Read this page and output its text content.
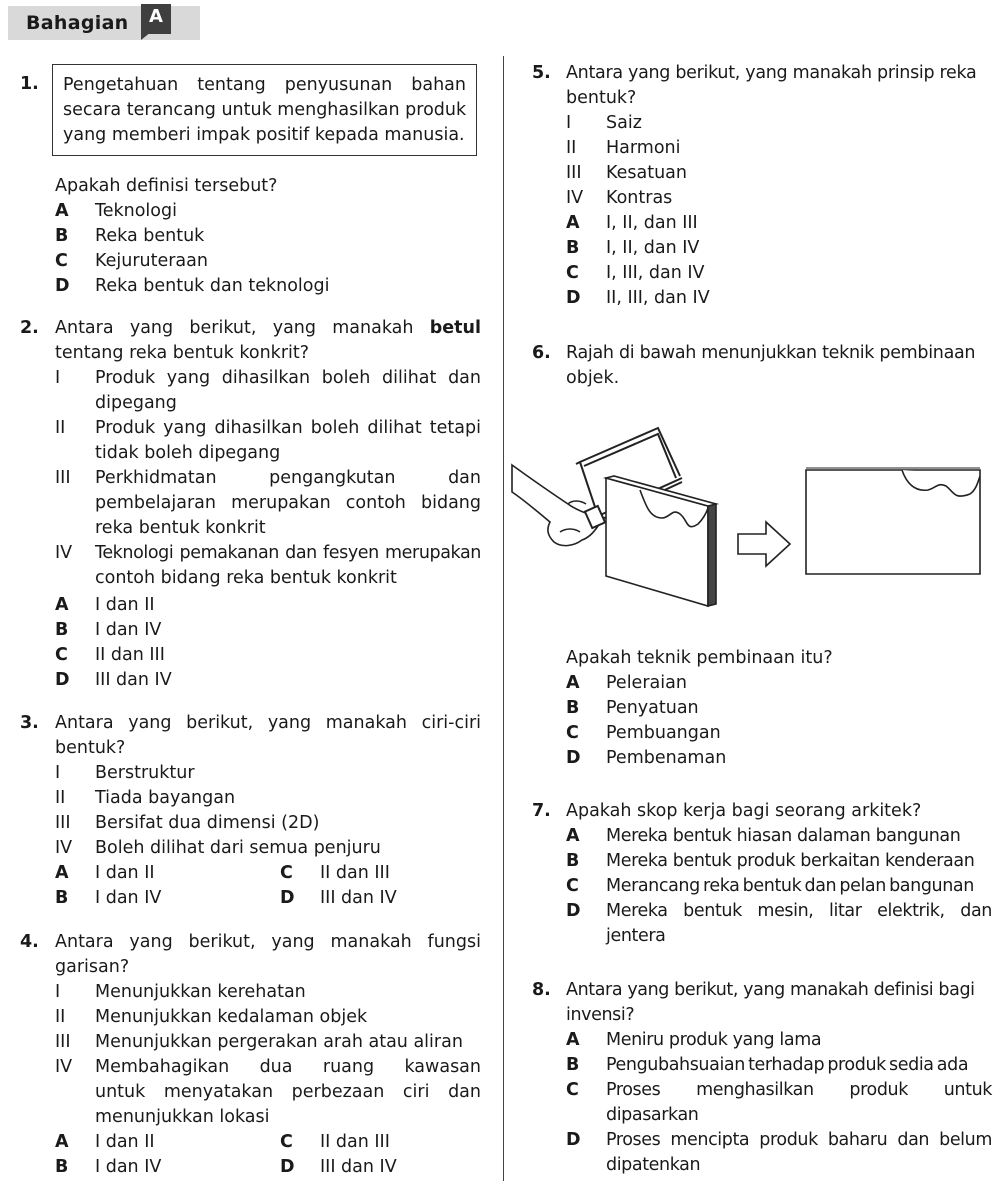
Bahagian	A
1. Pengetahuan tentang penyusunan bahan
secara terancang untuk menghasilkan produk
yang memberi impak positif kepada manusia.
Apakah definisi tersebut?
A Teknologi
B Reka bentuk
C Kejuruteraan
D Reka bentuk dan teknologi
2. Antara yang berikut, yang manakah betul
tentang reka bentuk konkrit?
I	Produk yang dihasilkan boleh dilihat dan
dipegang
II	Produk yang dihasilkan boleh dilihat tetapi
tidak boleh dipegang
III	Perkhidmatan pengangkutan dan
pembelajaran merupakan contoh bidang
reka bentuk konkrit
IV	Teknologi pemakanan dan fesyen merupakan
contoh bidang reka bentuk konkrit
A I dan II
B I dan IV
C II dan III
D III dan IV
3. Antara yang berikut, yang manakah ciri-ciri
bentuk?
I Berstruktur
II Tiada bayangan
III Bersifat dua dimensi (2D)
IV Boleh dilihat dari semua penjuru
A I dan II	C II dan III
B I dan IV	D III dan IV
4. Antara yang berikut, yang manakah fungsi
garisan?
I	Menunjukkan kerehatan
II	Menunjukkan kedalaman objek
III	Menunjukkan pergerakan arah atau aliran
IV	Membahagikan dua ruang kawasan
untuk menyatakan perbezaan ciri dan
menunjukkan lokasi
A I dan II	C II dan III
B I dan IV	D III dan IV
5. Antara yang berikut, yang manakah prinsip reka
bentuk?
I Saiz
II Harmoni
III Kesatuan
IV Kontras
A I, II, dan III
B I, II, dan IV
C I, III, dan IV
D II, III, dan IV
6. Rajah di bawah menunjukkan teknik pembinaan
objek.
Apakah teknik pembinaan itu?
A Peleraian
B Penyatuan
C Pembuangan
D Pembenaman
7. Apakah skop kerja bagi seorang arkitek?
A	Mereka bentuk hiasan dalaman bangunan
B	Mereka bentuk produk berkaitan kenderaan
C	Merancang reka bentuk dan pelan bangunan
D	Mereka bentuk mesin, litar elektrik, dan
jentera
8. Antara yang berikut, yang manakah definisi bagi
invensi?
A	Meniru produk yang lama
B	Pengubahsuaian terhadap produk sedia ada
C	Proses menghasilkan produk untuk
dipasarkan
D	Proses mencipta produk baharu dan belum
dipatenkan
